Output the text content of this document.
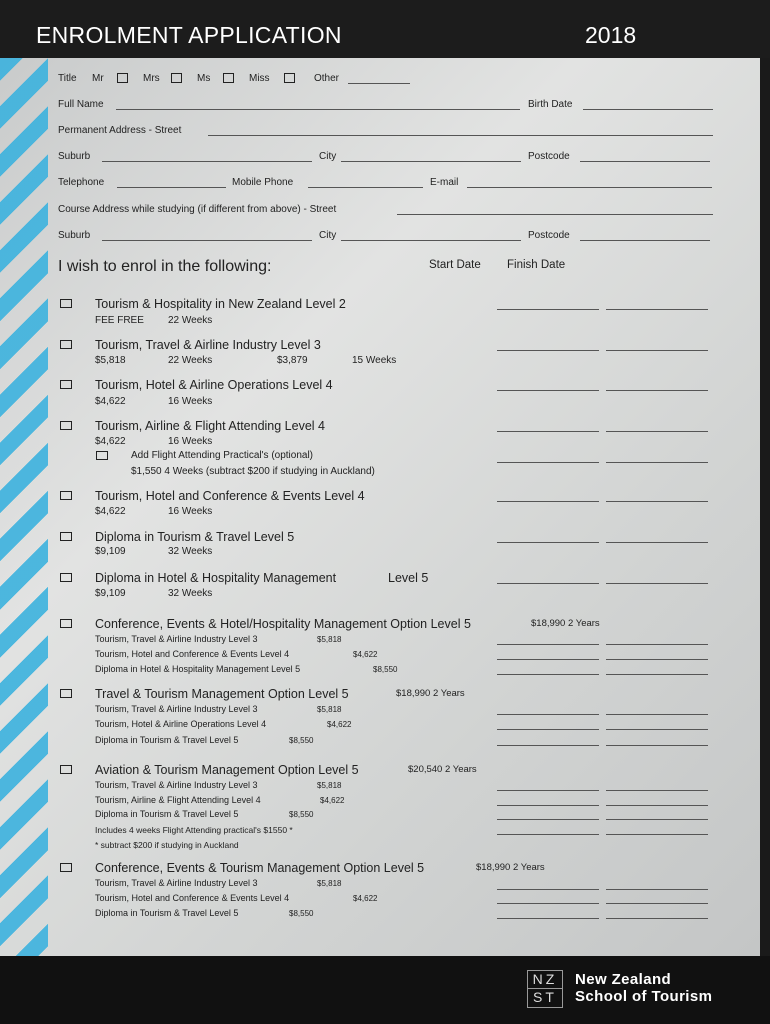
ENROLMENT APPLICATION	2018
Title Mr	Mrs	Ms	Miss	Other
Full Name	Birth Date
Permanent Address - Street
Suburb	City	Postcode
Telephone	Mobile Phone	E-mail
Course Address while studying (if different from above) - Street
Suburb	City	Postcode
I wish to enrol in the following:	Start Date Finish Date
Tourism & Hospitality in New Zealand Level 2
FEE FREE 22 Weeks
Tourism, Travel & Airline Industry Level 3
$5,818	22 Weeks	$3,879	15 Weeks
Tourism, Hotel & Airline Operations Level 4
$4,622	16 Weeks
Tourism, Airline & Flight Attending Level 4
$4,622	16 Weeks
Add Flight Attending Practical's (optional)
$1,550 4 Weeks (subtract $200 if studying in Auckland)
Tourism, Hotel and Conference & Events Level 4
$4,622	16 Weeks
Diploma in Tourism & Travel Level 5
$9,109	32 Weeks
Diploma in Hotel & Hospitality Management	Level 5
$9,109	32 Weeks
Conference, Events & Hotel/Hospitality Management Option Level 5	$18,990 2 Years
Tourism, Travel & Airline Industry Level 3	$5,818
Tourism, Hotel and Conference & Events Level 4	$4,622
Diploma in Hotel & Hospitality Management Level 5	$8,550
Travel & Tourism Management Option Level 5	$18,990 2 Years
Tourism, Travel & Airline Industry Level 3	$5,818
Tourism, Hotel & Airline Operations Level 4	$4,622
Diploma in Tourism & Travel Level 5	$8,550
Aviation & Tourism Management Option Level 5	$20,540 2 Years
Tourism, Travel & Airline Industry Level 3	$5,818
Tourism, Airline & Flight Attending Level 4	$4,622
Diploma in Tourism & Travel Level 5	$8,550
Includes 4 weeks Flight Attending practical's $1550 *
* subtract $200 if studying in Auckland
Conference, Events & Tourism Management Option Level 5	$18,990 2 Years
Tourism, Travel & Airline Industry Level 3	$5,818
Tourism, Hotel and Conference & Events Level 4	$4,622
Diploma in Tourism & Travel Level 5	$8,550
NZ
ST
New Zealand
School of Tourism
